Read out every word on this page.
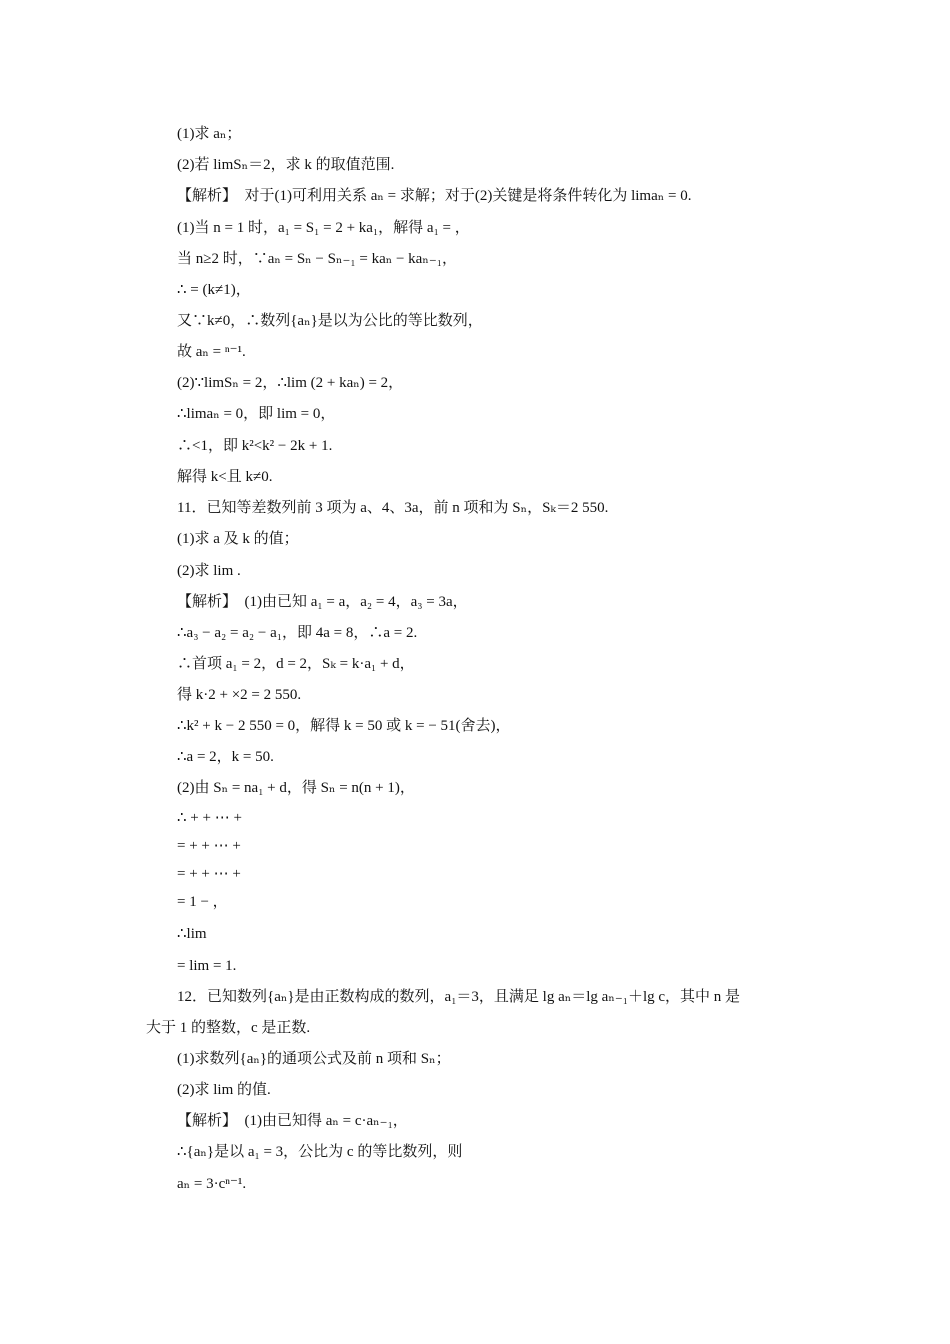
(1)求 aₙ；
(2)若 limSₙ＝2，求 k 的取值范围.
【解析】　对于(1)可利用关系 aₙ = 求解；对于(2)关键是将条件转化为 limaₙ = 0.
(1)当 n = 1 时，a₁ = S₁ = 2 + ka₁，解得 a₁ = ，
当 n≥2 时，∵aₙ = Sₙ − Sₙ₋₁ = kaₙ − kaₙ₋₁，
∴ = (k≠1)，
又∵k≠0，∴数列{aₙ}是以为公比的等比数列，
故 aₙ = ⁿ⁻¹.
(2)∵limSₙ = 2，∴lim (2 + kaₙ) = 2，
∴limaₙ = 0，即 lim = 0，
∴<1，即 k²<k² − 2k + 1.
解得 k<且 k≠0.
11．已知等差数列前 3 项为 a、4、3a，前 n 项和为 Sₙ，Sₖ＝2 550.
(1)求 a 及 k 的值；
(2)求 lim .
【解析】　(1)由已知 a₁ = a，a₂ = 4，a₃ = 3a，
∴a₃ − a₂ = a₂ − a₁，即 4a = 8，∴a = 2.
∴首项 a₁ = 2，d = 2，Sₖ = k·a₁ + d，
得 k·2 + ×2 = 2 550.
∴k² + k − 2 550 = 0，解得 k = 50 或 k = − 51(舍去)，
∴a = 2，k = 50.
(2)由 Sₙ = na₁ + d，得 Sₙ = n(n + 1)，
∴ + + ⋯ +
= + + ⋯ +
= + + ⋯ +
= 1 − ，
∴lim
= lim = 1.
12．已知数列{aₙ}是由正数构成的数列，a₁＝3，且满足 lg aₙ＝lg aₙ₋₁＋lg c，其中 n 是
大于 1 的整数，c 是正数.
(1)求数列{aₙ}的通项公式及前 n 项和 Sₙ；
(2)求 lim 的值.
【解析】　(1)由已知得 aₙ = c·aₙ₋₁，
∴{aₙ}是以 a₁ = 3，公比为 c 的等比数列，则
aₙ = 3·cⁿ⁻¹.
